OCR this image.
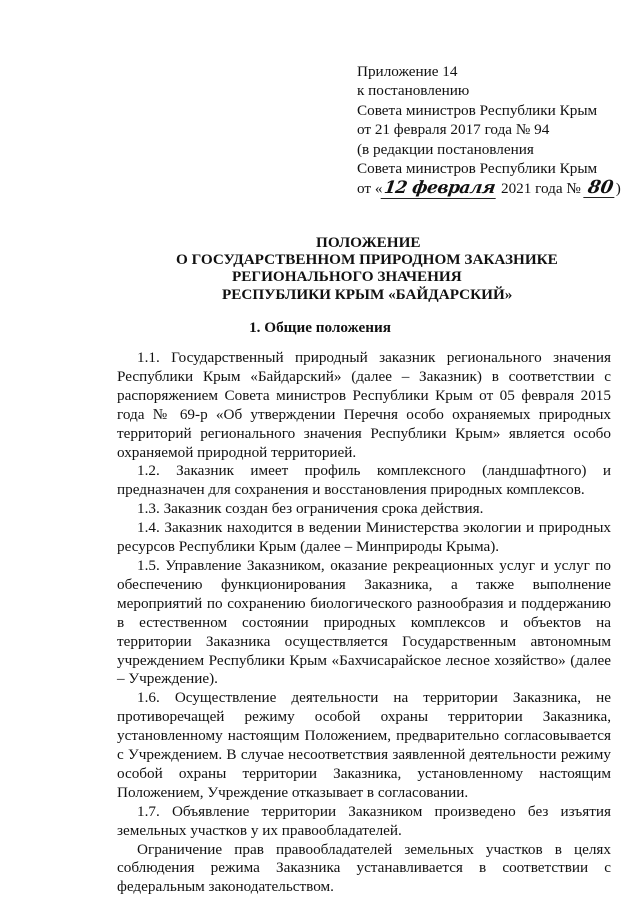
Приложение 14
к постановлению
Совета министров Республики Крым
от 21 февраля 2017 года № 94
(в редакции постановления
Совета министров Республики Крым
от «12 февраля 2021 года № 80)
ПОЛОЖЕНИЕ
О ГОСУДАРСТВЕННОМ ПРИРОДНОМ ЗАКАЗНИКЕ
РЕГИОНАЛЬНОГО ЗНАЧЕНИЯ
РЕСПУБЛИКИ КРЫМ «БАЙДАРСКИЙ»
1. Общие положения

1.1. Государственный природный заказник регионального значения Республики Крым «Байдарский» (далее – Заказник) в соответствии с распоряжением Совета министров Республики Крым от 05 февраля 2015 года № 69-р «Об утверждении Перечня особо охраняемых природных территорий регионального значения Республики Крым» является особо охраняемой природной территорией.

1.2. Заказник имеет профиль комплексного (ландшафтного) и предназначен для сохранения и восстановления природных комплексов.

1.3. Заказник создан без ограничения срока действия.

1.4. Заказник находится в ведении Министерства экологии и природных ресурсов Республики Крым (далее – Минприроды Крыма).

1.5. Управление Заказником, оказание рекреационных услуг и услуг по обеспечению функционирования Заказника, а также выполнение мероприятий по сохранению биологического разнообразия и поддержанию в естественном состоянии природных комплексов и объектов на территории Заказника осуществляется Государственным автономным учреждением Республики Крым «Бахчисарайское лесное хозяйство» (далее – Учреждение).

1.6. Осуществление деятельности на территории Заказника, не противоречащей режиму особой охраны территории Заказника, установленному настоящим Положением, предварительно согласовывается с Учреждением. В случае несоответствия заявленной деятельности режиму особой охраны территории Заказника, установленному настоящим Положением, Учреждение отказывает в согласовании.

1.7. Объявление территории Заказником произведено без изъятия земельных участков у их правообладателей.

Ограничение прав правообладателей земельных участков в целях соблюдения режима Заказника устанавливается в соответствии с федеральным законодательством.
